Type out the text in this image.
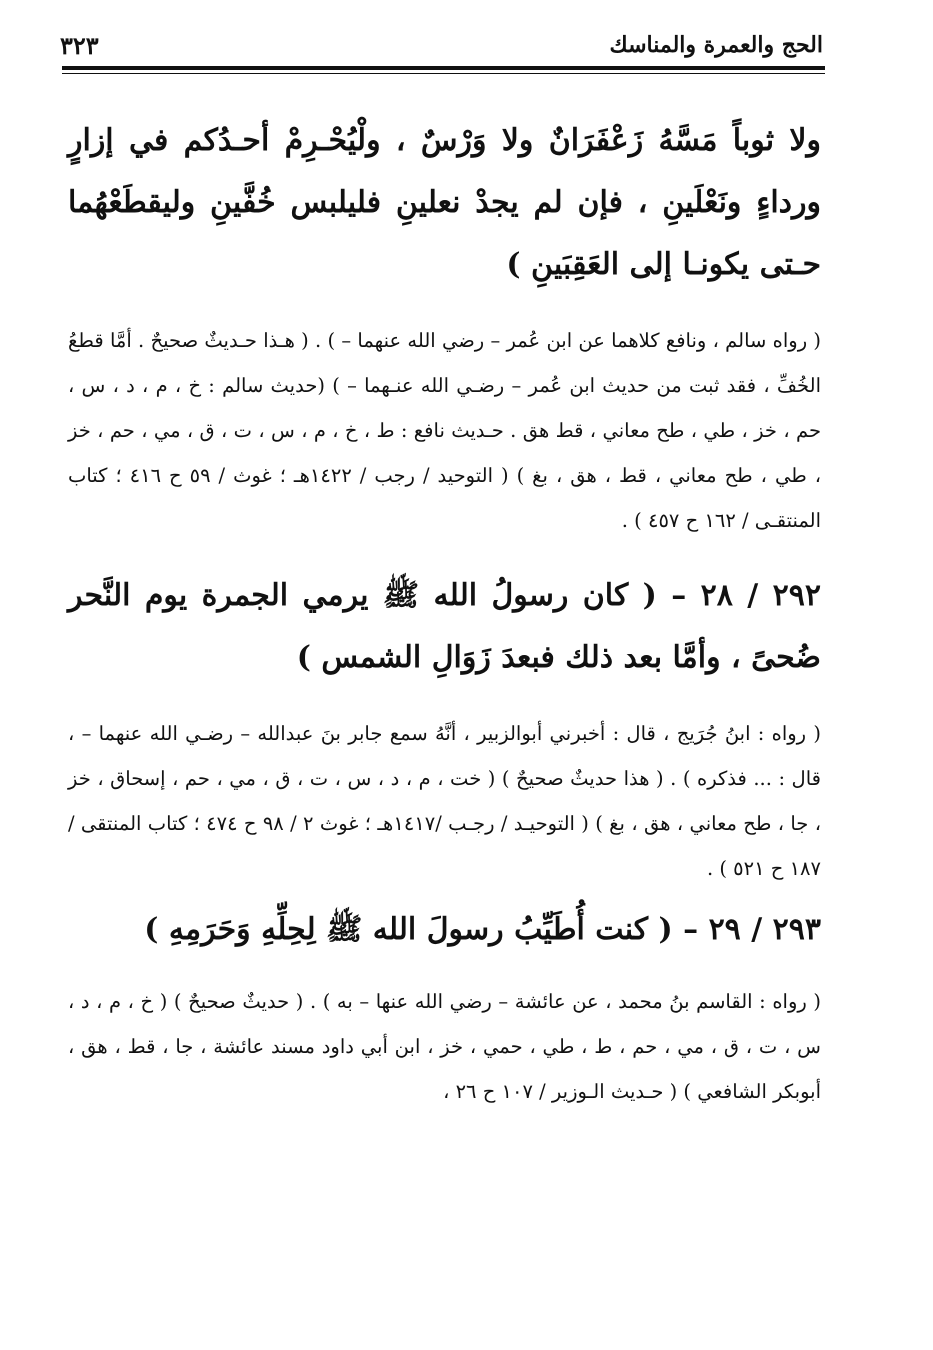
٣٢٣	الحج والعمرة والمناسك

ولا ثوباً مَسَّهُ زَعْفَرَانٌ ولا وَرْسٌ ، ولْيُحْـرِمْ أحـدُكم في إزارٍ ورداءٍ ونَعْلَينِ ، فإن لم يجدْ نعلينِ فليلبس خُفَّينِ وليقطَعْهُما حـتى يكونـا إلى العَقِبَينِ )

( رواه سالم ، ونافع كلاهما عن ابن عُمر – رضي الله عنهما – ) . ( هـذا حـديثٌ صحيحٌ . أمَّا قطعُ الخُفِّ ، فقد ثبت من حديث ابن عُمر – رضـي الله عنـهما – ) (حديث سالم : خ ، م ، د ، س ، حم ، خز ، طي ، طح معاني ، قط هق . حـديث نافع : ط ، خ ، م ، س ، ت ، ق ، مي ، حم ، خز ، طي ، طح معاني ، قط ، هق ، بغ ) ( التوحيد / رجب / ١٤٢٢هـ ؛ غوث / ٥٩ ح ٤١٦ ؛ كتاب المنتقـى / ١٦٢ ح ٤٥٧ ) .

٢٩٢ / ٢٨ – ( كان رسولُ الله ﷺ يرمي الجمرة يوم النَّحر ضُحىً ، وأمَّا بعد ذلك فبعدَ زَوَالِ الشمس )

( رواه : ابنُ جُرَيج ، قال : أخبرني أبوالزبير ، أنَّهُ سمع جابر بنَ عبدالله – رضـي الله عنهما – ، قال : ... فذكره ) . ( هذا حديثٌ صحيحٌ ) ( خت ، م ، د ، س ، ت ، ق ، مي ، حم ، إسحاق ، خز ، جا ، طح معاني ، هق ، بغ ) ( التوحيـد / رجـب /١٤١٧هـ ؛ غوث ٢ / ٩٨ ح ٤٧٤ ؛ كتاب المنتقى / ١٨٧ ح ٥٢١ ) .

٢٩٣ / ٢٩ – ( كنت أُطَيِّبُ رسولَ الله ﷺ لِحِلِّهِ وَحَرَمِهِ )

( رواه : القاسم بنُ محمد ، عن عائشة – رضي الله عنها – به ) . ( حديثٌ صحيحٌ ) ( خ ، م ، د ، س ، ت ، ق ، مي ، حم ، ط ، طي ، حمي ، خز ، ابن أبي داود مسند عائشة ، جا ، قط ، هق ، أبوبكر الشافعي ) ( حـديث الـوزير / ١٠٧ ح ٢٦ ،
